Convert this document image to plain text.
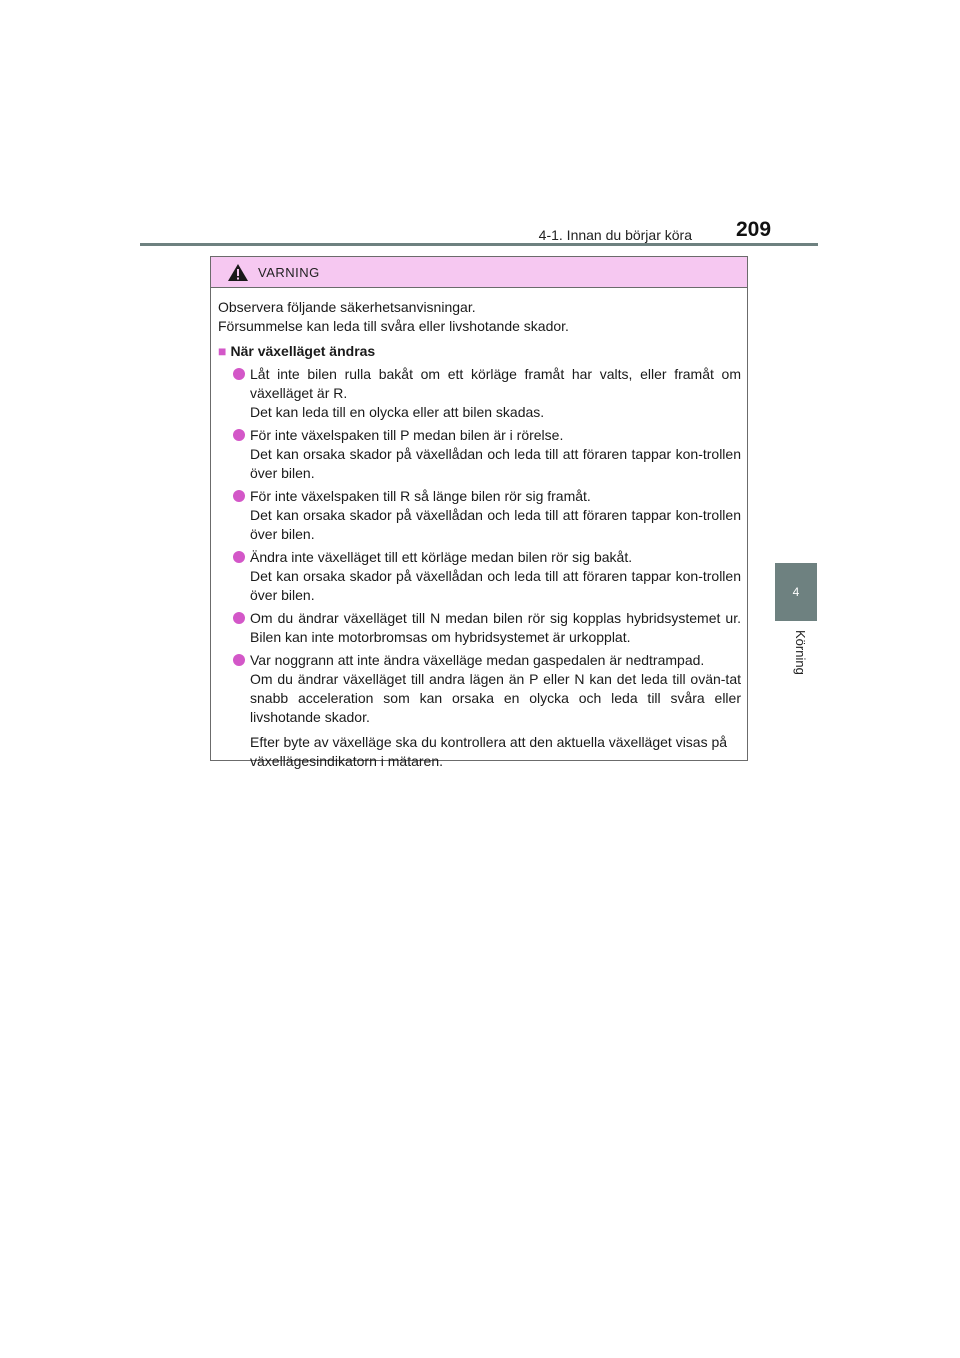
4-1. Innan du börjar köra 209
4
Körning
VARNING

Observera följande säkerhetsanvisningar.
Försummelse kan leda till svåra eller livshotande skador.

■ När växelläget ändras

Låt inte bilen rulla bakåt om ett körläge framåt har valts, eller framåt om växelläget är R.

Det kan leda till en olycka eller att bilen skadas.

För inte växelspaken till P medan bilen är i rörelse.

Det kan orsaka skador på växellådan och leda till att föraren tappar kon-trollen över bilen.

För inte växelspaken till R så länge bilen rör sig framåt.

Det kan orsaka skador på växellådan och leda till att föraren tappar kon-trollen över bilen.

Ändra inte växelläget till ett körläge medan bilen rör sig bakåt.

Det kan orsaka skador på växellådan och leda till att föraren tappar kon-trollen över bilen.

Om du ändrar växelläget till N medan bilen rör sig kopplas hybridsystemet ur. Bilen kan inte motorbromsas om hybridsystemet är urkopplat.

Var noggrann att inte ändra växelläge medan gaspedalen är nedtrampad.

Om du ändrar växelläget till andra lägen än P eller N kan det leda till ovän-tat snabb acceleration som kan orsaka en olycka och leda till svåra eller livshotande skador.

Efter byte av växelläge ska du kontrollera att den aktuella växelläget visas på växellägesindikatorn i mätaren.
